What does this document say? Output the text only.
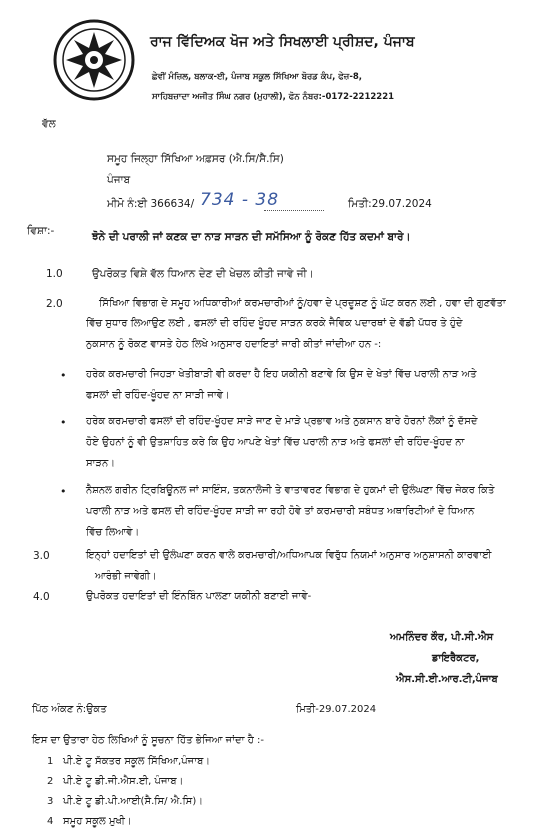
ਰਾਜ ਵਿੱਦਿਅਕ ਖੋਜ ਅਤੇ ਸਿਖਲਾਈ ਪ੍ਰੀਸ਼ਦ, ਪੰਜਾਬ
ਛੇਵੀਂ ਮੰਜ਼ਿਲ, ਬਲਾਕ-ਈ, ਪੰਜਾਬ ਸਕੂਲ ਸਿੱਖਿਆ ਬੋਰਡ ਕੰਪ, ਫੇਜ਼-8,
ਸਾਹਿਬਜ਼ਾਦਾ ਅਜੀਤ ਸਿੰਘ ਨਗਰ (ਮੁਹਾਲੀ), ਫੋਨ ਨੰਬਰ:-0172-2212221
ਵੱਲ
ਸਮੂਹ ਜਿਲ੍ਹਾ ਸਿੱਖਿਆ ਅਫ਼ਸਰ (ਐ.ਸਿ/ਸੈ.ਸਿ)
ਪੰਜਾਬ
ਮੀਮੋ ਨੰ:ਈ 366634/ 734 - 38	ਮਿਤੀ:29.07.2024
ਵਿਸ਼ਾ:-	ਝੋਨੇ ਦੀ ਪਰਾਲੀ ਜਾਂ ਕਣਕ ਦਾ ਨਾੜ ਸਾੜਨ ਦੀ ਸਮੱਸਿਆ ਨੂੰ ਰੋਕਣ ਹਿੱਤ ਕਦਮਾਂ ਬਾਰੇ।
1.0	ਉਪਰੋਕਤ ਵਿਸ਼ੇ ਵੱਲ ਧਿਆਨ ਦੇਣ ਦੀ ਖੇਚਲ ਕੀਤੀ ਜਾਵੇ ਜੀ।
2.0	ਸਿੱਖਿਆ ਵਿਭਾਗ ਦੇ ਸਮੂਹ ਅਧਿਕਾਰੀਆਂ ਕਰਮਚਾਰੀਆਂ ਨੂੰ/ਹਵਾ ਦੇ ਪ੍ਰਦੂਸ਼ਣ ਨੂੰ ਘੱਟ ਕਰਨ ਲਈ , ਹਵਾ ਦੀ ਗੁਣਵੱਤਾ
ਵਿੱਚ ਸੁਧਾਰ ਲਿਆਉਣ ਲਈ , ਫਸਲਾਂ ਦੀ ਰਹਿੰਦ ਖੂੰਹਦ ਸਾੜਨ ਕਰਕੇ ਜੈਵਿਕ ਪਦਾਰਥਾਂ ਦੇ ਵੱਡੀ ਪੱਧਰ ਤੇ ਹੁੰਦੇ
ਨੁਕਸਾਨ ਨੂੰ ਰੋਕਣ ਵਾਸਤੇ ਹੇਠ ਲਿਖੇ ਅਨੁਸਾਰ ਹਦਾਇਤਾਂ ਜਾਰੀ ਕੀਤਾਂ ਜਾਂਦੀਆ ਹਨ -:
• ਹਰੇਕ ਕਰਮਚਾਰੀ ਜਿਹੜਾ ਖੇਤੀਬਾੜੀ ਵੀ ਕਰਦਾ ਹੈ ਇਹ ਯਕੀਨੀ ਬਣਾਵੇ ਕਿ ਉਸ ਦੇ ਖੇਤਾਂ ਵਿੱਚ ਪਰਾਲੀ ਨਾੜ ਅਤੇ
ਫਸਲਾਂ ਦੀ ਰਹਿੰਦ-ਖੂੰਹਦ ਨਾ ਸਾੜੀ ਜਾਵੇ।
• ਹਰੇਕ ਕਰਮਚਾਰੀ ਫਸਲਾਂ ਦੀ ਰਹਿੰਦ-ਖੂੰਹਦ ਸਾੜੇ ਜਾਣ ਦੇ ਮਾੜੇ ਪ੍ਰਭਾਵ ਅਤੇ ਨੁਕਸਾਨ ਬਾਰੇ ਹੋਰਨਾਂ ਲੋਕਾਂ ਨੂੰ ਦੱਸਦੇ
ਹੋਏ ਉਹਨਾਂ ਨੂੰ ਵੀ ਉਤਸ਼ਾਹਿਤ ਕਰੇ ਕਿ ਉਹ ਆਪਣੇ ਖੇਤਾਂ ਵਿੱਚ ਪਰਾਲੀ ਨਾੜ ਅਤੇ ਫਸਲਾਂ ਦੀ ਰਹਿੰਦ-ਖੂੰਹਦ ਨਾ
ਸਾੜਨ।
• ਨੈਸ਼ਨਲ ਗਰੀਨ ਟ੍ਰਿਬਿਊਨਲ ਜਾਂ ਸਾਇੰਸ, ਤਕਨਾਲੋਜੀ ਤੇ ਵਾਤਾਵਰਣ ਵਿਭਾਗ ਦੇ ਹੁਕਮਾਂ ਦੀ ਉਲੰਘਣਾ ਵਿੱਚ ਜੇਕਰ ਕਿਤੇ
ਪਰਾਲੀ ਨਾੜ ਅਤੇ ਫਸਲ ਦੀ ਰਹਿੰਦ-ਖੂੰਹਦ ਸਾੜੀ ਜਾ ਰਹੀ ਹੋਵੇ ਤਾਂ ਕਰਮਚਾਰੀ ਸਬੰਧਤ ਅਥਾਰਿਟੀਆਂ ਦੇ ਧਿਆਨ
ਵਿੱਚ ਲਿਆਵੇ।
3.0	ਇਨ੍ਹਾਂ ਹਦਾਇਤਾਂ ਦੀ ਉਲੰਘਣਾ ਕਰਨ ਵਾਲੇ ਕਰਮਚਾਰੀ/ਅਧਿਆਪਕ ਵਿਰੁੱਧ ਨਿਯਮਾਂ ਅਨੁਸਾਰ ਅਨੁਸ਼ਾਸਨੀ ਕਾਰਵਾਈ
ਆਰੰਭੀ ਜਾਵੇਗੀ।
4.0	ਉਪਰੋਕਤ ਹਦਾਇਤਾਂ ਦੀ ਇੰਨਬਿੰਨ ਪਾਲਣਾ ਯਕੀਨੀ ਬਣਾਈ ਜਾਵੇ-
ਅਮਨਿੰਦਰ ਕੌਰ, ਪੀ.ਸੀ.ਐਸ
ਡਾਇਰੈਕਟਰ,
ਐਸ.ਸੀ.ਈ.ਆਰ.ਟੀ,ਪੰਜਾਬ
ਪਿੱਠ ਅੰਕਣ ਨੰ:ਉਕਤ	ਮਿਤੀ-29.07.2024
ਇਸ ਦਾ ਉਤਾਰਾ ਹੇਠ ਲਿਖਿਆਂ ਨੂੰ ਸੂਚਨਾ ਹਿੱਤ ਭੇਜਿਆ ਜਾਂਦਾ ਹੈ :-
1 ਪੀ.ਏ ਟੂ ਸੱਕਤਰ ਸਕੂਲ ਸਿੱਖਿਆ,ਪੰਜਾਬ।
2 ਪੀ.ਏ ਟੂ ਡੀ.ਜੀ.ਐਸ.ਈ, ਪੰਜਾਬ।
3 ਪੀ.ਏ ਟੂ ਡੀ.ਪੀ.ਆਈ(ਸੈ.ਸਿ/ ਐ.ਸਿ)।
4 ਸਮੂਹ ਸਕੂਲ ਮੁਖੀ।
